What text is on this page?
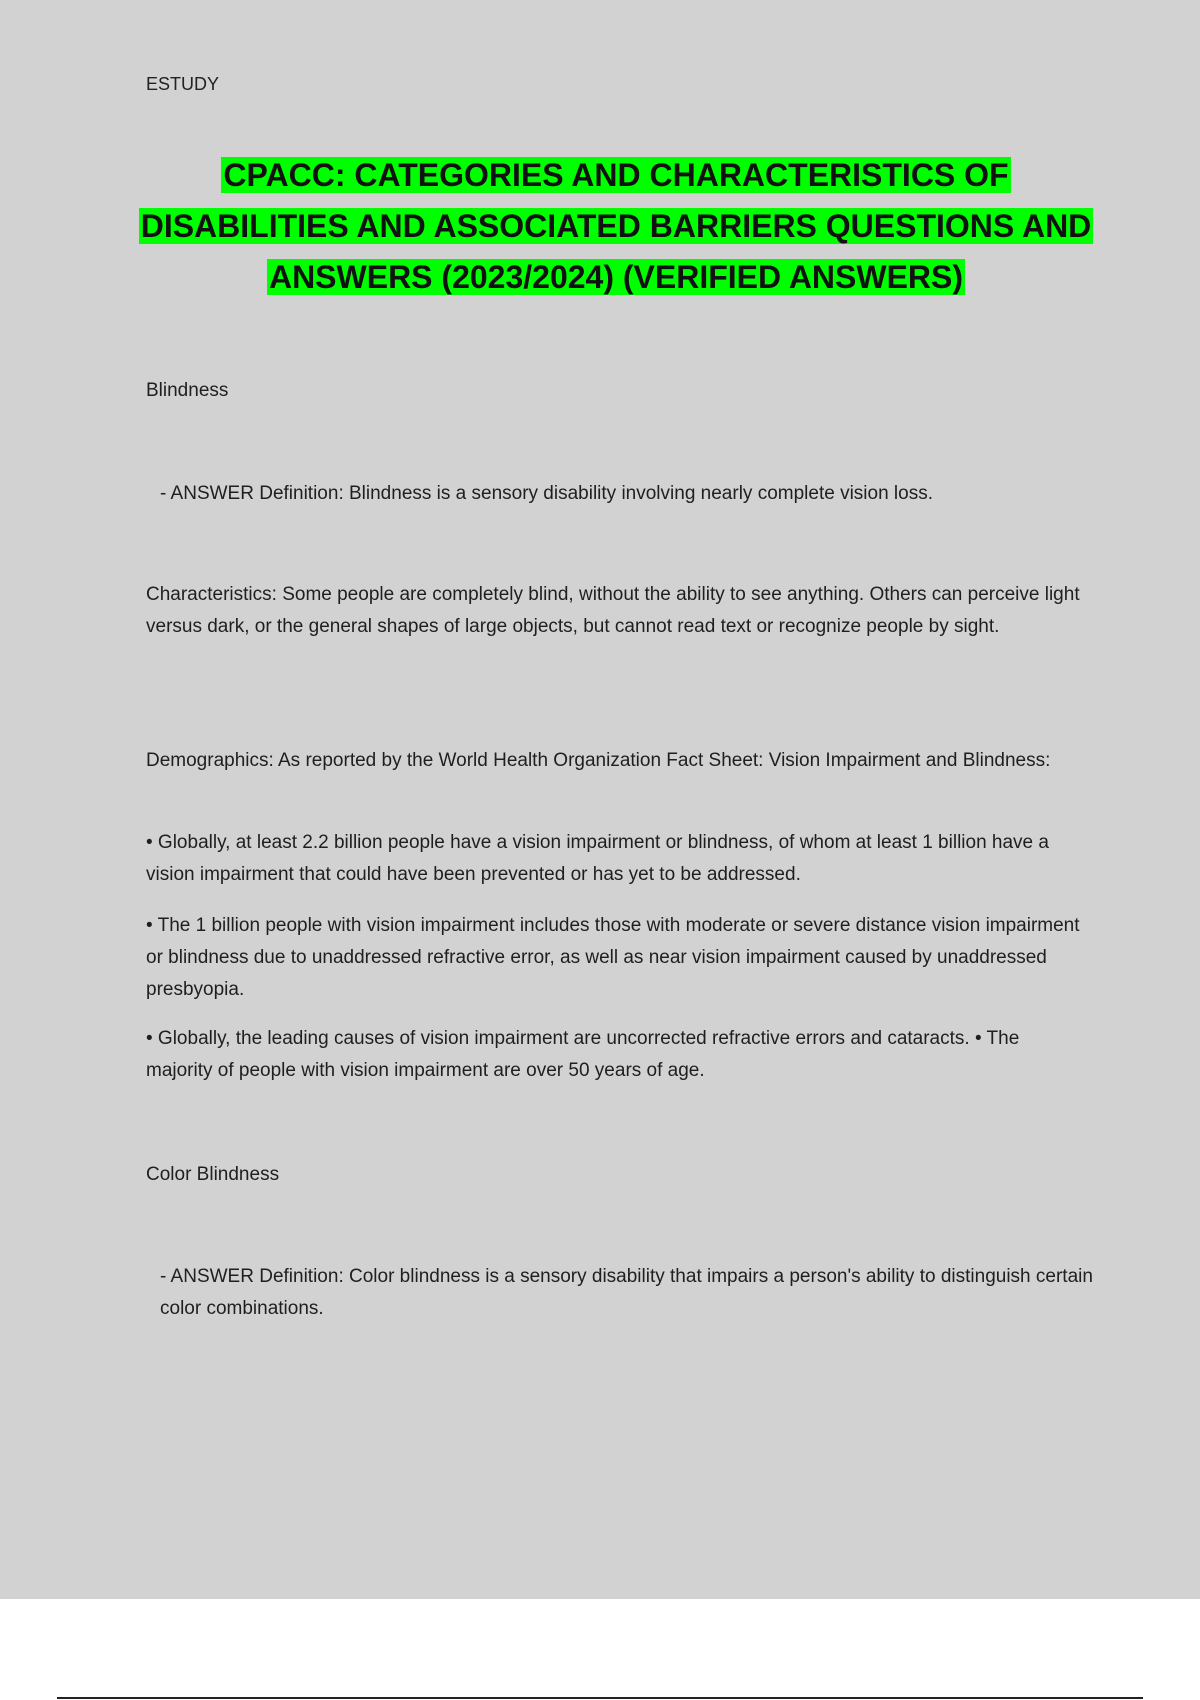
ESTUDY
CPACC: CATEGORIES AND CHARACTERISTICS OF DISABILITIES AND ASSOCIATED BARRIERS QUESTIONS AND ANSWERS (2023/2024) (VERIFIED ANSWERS)

Blindness

- ANSWER Definition: Blindness is a sensory disability involving nearly complete vision loss.

Characteristics: Some people are completely blind, without the ability to see anything. Others can perceive light versus dark, or the general shapes of large objects, but cannot read text or recognize people by sight.

Demographics: As reported by the World Health Organization Fact Sheet: Vision Impairment and Blindness:

• Globally, at least 2.2 billion people have a vision impairment or blindness, of whom at least 1 billion have a vision impairment that could have been prevented or has yet to be addressed.

• The 1 billion people with vision impairment includes those with moderate or severe distance vision impairment or blindness due to unaddressed refractive error, as well as near vision impairment caused by unaddressed presbyopia.

• Globally, the leading causes of vision impairment are uncorrected refractive errors and cataracts. • The majority of people with vision impairment are over 50 years of age.

Color Blindness

- ANSWER Definition: Color blindness is a sensory disability that impairs a person's ability to distinguish certain color combinations.
